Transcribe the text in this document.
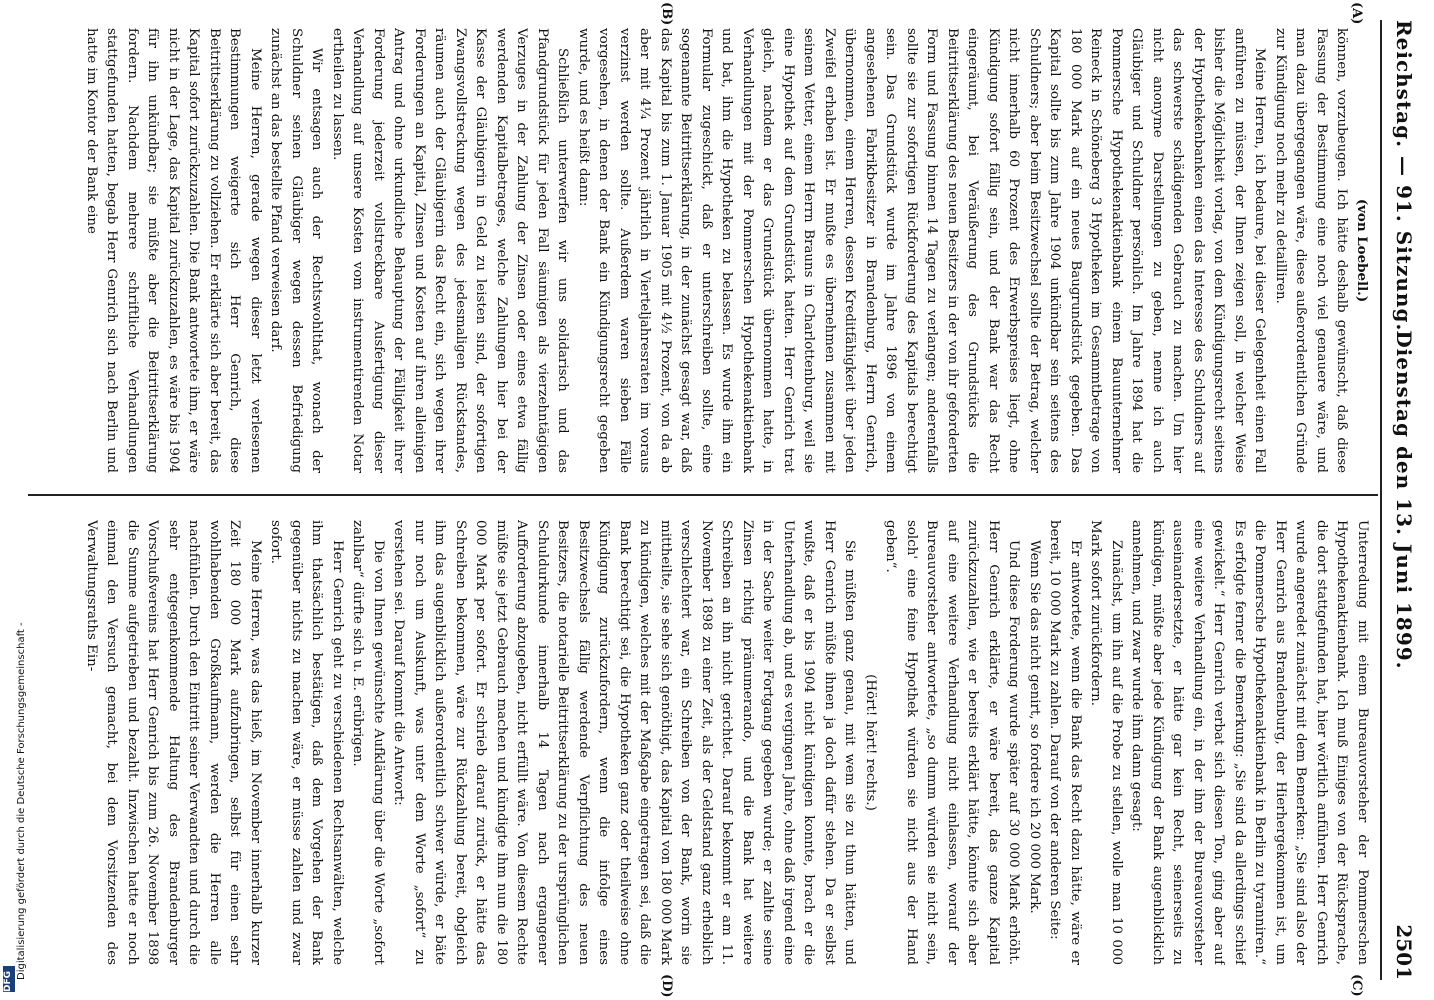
Dienstag den 13. Juni 1899.
Reichstag. — 91. Sitzung.
2501
(A)
(B)
(C)
(D)

Unterredung mit einem Bureauvorsteher der Pommerschen Hypothekenaktienbank. Ich muß Einiges von der Rücksprache, die dort stattgefunden hat, hier wörtlich anführen. Herr Genrich wurde angeredet zunächst mit dem Bemerken: „Sie sind also der Herr Genrich aus Brandenburg, der Hierhergekommen ist, um die Pommersche Hypothekenaktienbank in Berlin zu tyranniren.“ Es erfolgte ferner die Bemerkung: „Sie sind da allerdings schief gewickelt.“ Herr Genrich verbat sich diesen Ton, ging aber auf eine weitere Verhandlung ein, in der ihm der Bureauvorsteher auseinandersetzte, er hätte gar kein Recht, seinerseits zu kündigen, müßte aber jede Kündigung der Bank augenblicklich annehmen, und zwar wurde ihm dann gesagt:

Zunächst, um ihn auf die Probe zu stellen, wolle man 10 000 Mark sofort zurückfordern.

Er antwortete, wenn die Bank das Recht dazu hätte, wäre er bereit, 10 000 Mark zu zahlen. Darauf von der anderen Seite:

Wenn Sie das nicht genirt, so fordere ich 20 000 Mark.

Und diese Forderung wurde später auf 30 000 Mark erhöht. Herr Genrich erklärte, er wäre bereit, das ganze Kapital zurückzuzahlen, wie er bereits erklärt hätte, könnte sich aber auf eine weitere Verhandlung nicht einlassen, worauf der Bureauvorsteher antwortete, „so dumm würden sie nicht sein, solch' eine feine Hypothek würden sie nicht aus der Hand geben“.

(Hört! hört! rechts.)

Sie müßten ganz genau, mit wem sie zu thun hätten, und Herr Genrich müßte ihnen ja doch dafür stehen. Da er selbst wußte, daß er bis 1904 nicht kündigen konnte, brach er die Unterhandlung ab, und es vergingen Jahre, ohne daß irgend eine in der Sache weiter Fortgang gegeben wurde; er zahlte seine Zinsen richtig pränumerando, und die Bank hat weitere Schreiben an ihn nicht gerichtet. Darauf bekommt er am 11. November 1898 zu einer Zeit, als der Geldstand ganz erheblich verschlechtert war, ein Schreiben von der Bank, worin sie mittheilte, sie sehe sich genöthigt, das Kapital von 180 000 Mark zu kündigen, welches mit der Maßgabe eingetragen sei, daß die Bank berechtigt sei, die Hypotheken ganz oder theilweise ohne Kündigung zurückzufordern, wenn die infolge eines Besitzwechsels fällig werdende Verpflichtung des neuen Besitzers, die notarielle Beitrittserklärung zu der ursprünglichen Schuldurkunde innerhalb 14 Tagen nach ergangener Aufforderung abzugeben, nicht erfüllt wäre. Von diesem Rechte müßte sie jetzt Gebrauch machen und kündigte ihm nun die 180 000 Mark per sofort. Er schrieb darauf zurück, er hätte das Schreiben bekommen, wäre zur Rückzahlung bereit, obgleich ihm das augenblicklich außerordentlich schwer würde, er bäte nur noch um Auskunft, was unter dem Worte „sofort“ zu verstehen sei. Darauf kommt die Antwort:

Die von Ihnen gewünschte Aufklärung über die Worte „sofort zahlbar“ dürfte sich u. E. erübrigen.

Herr Genrich geht zu verschiedenen Rechtsanwälten, welche ihm thatsächlich bestätigen, daß dem Vorgehen der Bank gegenüber nichts zu machen wäre, er müsse zahlen und zwar sofort.

Meine Herren, was das hieß, im November innerhalb kurzer Zeit 180 000 Mark aufzubringen, selbst für einen sehr wohlhabenden Großkaufmann, werden die Herren alle nachfühlen. Durch den Eintritt seiner Verwandten und durch die sehr entgegenkommende Haltung des Brandenburger Vorschußvereins hat Herr Genrich bis zum 26. November 1898 die Summe aufgetrieben und bezahlt. Inzwischen hatte er noch einmal den Versuch gemacht, bei dem Vorsitzenden des Verwaltungsraths Ein-

(von Loebell.)

können, vorzubeugen. Ich hätte deshalb gewünscht, daß diese Fassung der Bestimmung eine noch viel genauere wäre, und man dazu übergegangen wäre, diese außerordentlichen Gründe zur Kündigung noch mehr zu detailliren.

Meine Herren, ich bedaure, bei dieser Gelegenheit einen Fall anführen zu müssen, der Ihnen zeigen soll, in welcher Weise bisher die Möglichkeit vorlag, von dem Kündigungsrecht seitens der Hypothekenbanken einen das Interesse des Schuldners auf das schwerste schädigenden Gebrauch zu machen. Um hier nicht anonyme Darstellungen zu geben, nenne ich auch Gläubiger und Schuldner persönlich. Im Jahre 1894 hat die Pommersche Hypothekenaktienbank einem Bauunternehmer Reineck in Schöneberg 3 Hypotheken im Gesammtbetrage von 180 000 Mark auf ein neues Baugrundstück gegeben. Das Kapital sollte bis zum Jahre 1904 unkündbar sein seitens des Schuldners; aber beim Besitzwechsel sollte der Betrag, welcher nicht innerhalb 60 Prozent des Erwerbspreises liegt, ohne Kündigung sofort fällig sein, und der Bank war das Recht eingeräumt, bei Veräußerung des Grundstücks die Beitrittserklärung des neuen Besitzers in der von ihr geforderten Form und Fassung binnen 14 Tagen zu verlangen; anderenfalls sollte sie zur sofortigen Rückforderung des Kapitals berechtigt sein. Das Grundstück wurde im Jahre 1896 von einem angesehenen Fabrikbesitzer in Brandenburg, Herrn Genrich, übernommen, einem Herren, dessen Kreditfähigkeit über jeden Zweifel erhaben ist. Er mußte es übernehmen zusammen mit seinem Vetter, einem Herrn Brauns in Charlottenburg, weil sie eine Hypothek auf dem Grundstück hatten. Herr Genrich trat gleich, nachdem er das Grundstück übernommen hatte, in Verhandlungen mit der Pommerschen Hypothekenaktienbank und bat, ihm die Hypotheken zu belassen. Es wurde ihm ein Formular zugeschickt, daß er unterschreiben sollte, eine sogenannte Beitrittserklärung, in der zunächst gesagt war, daß das Kapital bis zum 1. Januar 1905 mit 4½ Prozent, von da ab aber mit 4¼ Prozent jährlich in Vierteljahresraten im voraus verzinst werden sollte. Außerdem waren sieben Fälle vorgesehen, in denen der Bank ein Kündigungsrecht gegeben wurde, und es heißt dann:

Schließlich unterwerfen wir uns solidarisch und das Pfandgrundstück für jeden Fall säumigen als vierzehntägigen Verzuges in der Zahlung der Zinsen oder eines etwa fällig werdenden Kapitalbetrages, welche Zahlungen hier bei der Kasse der Gläubigerin in Geld zu leisten sind, der sofortigen Zwangsvollstreckung wegen des jedesmaligen Rückstandes, räumen auch der Gläubigerin das Recht ein, sich wegen ihrer Forderungen an Kapital, Zinsen und Kosten auf ihren alleinigen Antrag und ohne urkundliche Behauptung der Fälligkeit ihrer Forderung jederzeit vollstreckbare Ausfertigung dieser Verhandlung auf unsere Kosten vom instrumentirenden Notar ertheilen zu lassen.

Wir entsagen auch der Rechtswohlthat, wonach der Schuldner seinen Gläubiger wegen dessen Befriedigung zunächst an das bestellte Pfand verweisen darf.

Meine Herren, gerade wegen dieser letzt verlesenen Bestimmungen weigerte sich Herr Genrich, diese Beitrittserklärung zu vollziehen. Er erklärte sich aber bereit, das Kapital sofort zurückzuzahlen. Die Bank antwortete ihm, er wäre nicht in der Lage, das Kapital zurückzuzahlen, es wäre bis 1904 für ihn unkündbar; sie müßte aber die Beitrittserklärung fordern. Nachdem mehrere schriftliche Verhandlungen stattgefunden hatten, begab Herr Genrich sich nach Berlin und hatte im Kontor der Bank eine

Digitalisierung gefördert durch die Deutsche Forschungsgemeinschaft -
DFG
